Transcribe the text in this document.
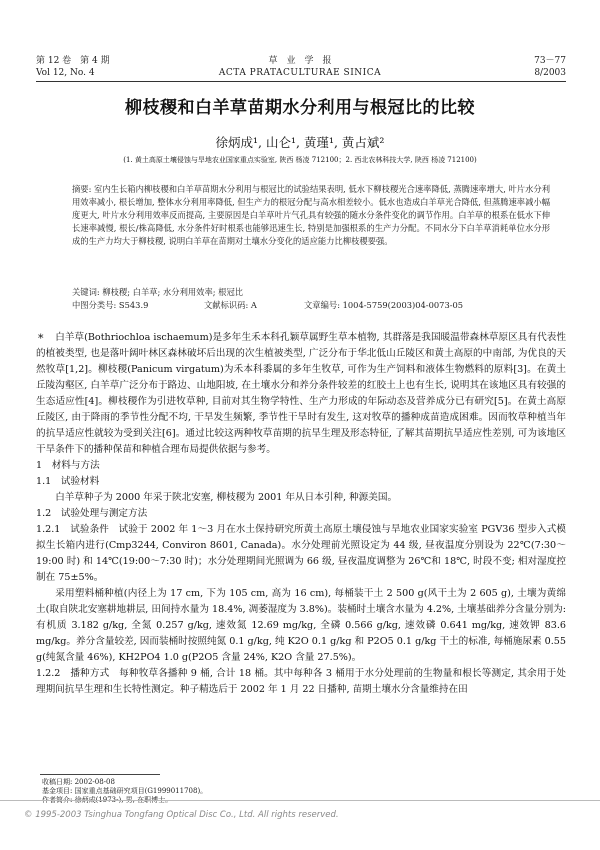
第 12 卷　第 4 期
Vol 12, No. 4
草　业　学　报
ACTA PRATACULTURAE SINICA
73－77
8/2003
柳枝稷和白羊草苗期水分利用与根冠比的比较
徐炳成¹, 山仑¹, 黄瑾¹, 黄占斌²
(1. 黄土高原土壤侵蚀与旱地农业国家重点实验室, 陕西 杨凌 712100；2. 西北农林科技大学, 陕西 杨凌 712100)

摘要: 室内生长箱内柳枝稷和白羊草苗期水分利用与根冠比的试验结果表明, 低水下柳枝稷光合速率降低, 蒸腾速率增大, 叶片水分利用效率减小, 根长增加, 整体水分利用率降低, 但生产力的根冠分配与高水相差较小。低水也造成白羊草光合降低, 但蒸腾速率减小幅度更大, 叶片水分利用效率反而提高, 主要原因是白羊草叶片气孔具有较强的随水分条件变化的调节作用。白羊草的根系在低水下伸长速率减慢, 根长/株高降低, 水分条件好时根系也能够迅速生长, 特别是加强根系的生产力分配。不同水分下白羊草消耗单位水分形成的生产力均大于柳枝稷, 说明白羊草在苗期对土壤水分变化的适应能力比柳枝稷要强。

关键词: 柳枝稷; 白羊草; 水分利用效率; 根冠比
中图分类号: S543.9	文献标识码: A	文章编号: 1004-5759(2003)04-0073-05
*	白羊草(Bothriochloa ischaemum)是多年生禾本科孔颖草属野生草本植物, 其群落是我国暖温带森林草原区具有代表性的植被类型, 也是落叶阔叶林区森林破坏后出现的次生植被类型, 广泛分布于华北低山丘陵区和黄土高原的中南部, 为优良的天然牧草[1,2]。柳枝稷(Panicum virgatum)为禾本科黍属的多年生牧草, 可作为生产饲料和液体生物燃料的原料[3]。在黄土丘陵沟壑区, 白羊草广泛分布于路边、山地阳坡, 在土壤水分和养分条件较差的红胶土上也有生长, 说明其在该地区具有较强的生态适应性[4]。柳枝稷作为引进牧草种, 目前对其生物学特性、生产力形成的年际动态及营养成分已有研究[5]。在黄土高原丘陵区, 由于降雨的季节性分配不均, 干旱发生频繁, 季节性干旱时有发生, 这对牧草的播种成苗造成困难。因而牧草种植当年的抗旱适应性就较为受到关注[6]。通过比较这两种牧草苗期的抗旱生理及形态特征, 了解其苗期抗旱适应性差别, 可为该地区干旱条件下的播种保苗和种植合理布局提供依据与参考。

1　材料与方法

1.1　试验材料

白羊草种子为 2000 年采于陕北安塞, 柳枝稷为 2001 年从日本引种, 种源美国。

1.2　试验处理与测定方法

1.2.1　试验条件　试验于 2002 年 1～3 月在水土保持研究所黄土高原土壤侵蚀与旱地农业国家实验室 PGV36 型步入式模拟生长箱内进行(Cmp3244, Conviron 8601, Canada)。水分处理前光照设定为 44 级, 昼夜温度分别设为 22℃(7:30～19:00 时) 和 14℃(19:00～7:30 时)；水分处理期间光照调为 66 级, 昼夜温度调整为 26℃和 18℃, 时段不变; 相对湿度控制在 75±5%。

采用塑料桶种植(内径上为 17 cm, 下为 105 cm, 高为 16 cm), 每桶装干土 2 500 g(风干土为 2 605 g), 土壤为黄绵土(取自陕北安塞耕地耕层, 田间持水量为 18.4%, 凋萎湿度为 3.8%)。装桶时土壤含水量为 4.2%, 土壤基础养分含量分别为: 有机质 3.182 g/kg, 全氮 0.257 g/kg, 速效氮 12.69 mg/kg, 全磷 0.566 g/kg, 速效磷 0.641 mg/kg, 速效钾 83.6 mg/kg。养分含量较差, 因而装桶时按照纯氮 0.1 g/kg, 纯 K2O 0.1 g/kg 和 P2O5 0.1 g/kg 干土的标准, 每桶施尿素 0.55 g(纯氮含量 46%), KH2PO4 1.0 g(P2O5 含量 24%, K2O 含量 27.5%)。

1.2.2　播种方式　每种牧草各播种 9 桶, 合计 18 桶。其中每种各 3 桶用于水分处理前的生物量和根长等测定, 其余用于处理期间抗旱生理和生长特性测定。种子精选后于 2002 年 1 月 22 日播种, 苗期土壤水分含量维持在田

收稿日期: 2002-08-08
基金项目: 国家重点基础研究项目(G1999011708)。
作者简介: 徐炳成(1973-), 男, 在职博士。
© 1995-2003 Tsinghua Tongfang Optical Disc Co., Ltd. All rights reserved.
